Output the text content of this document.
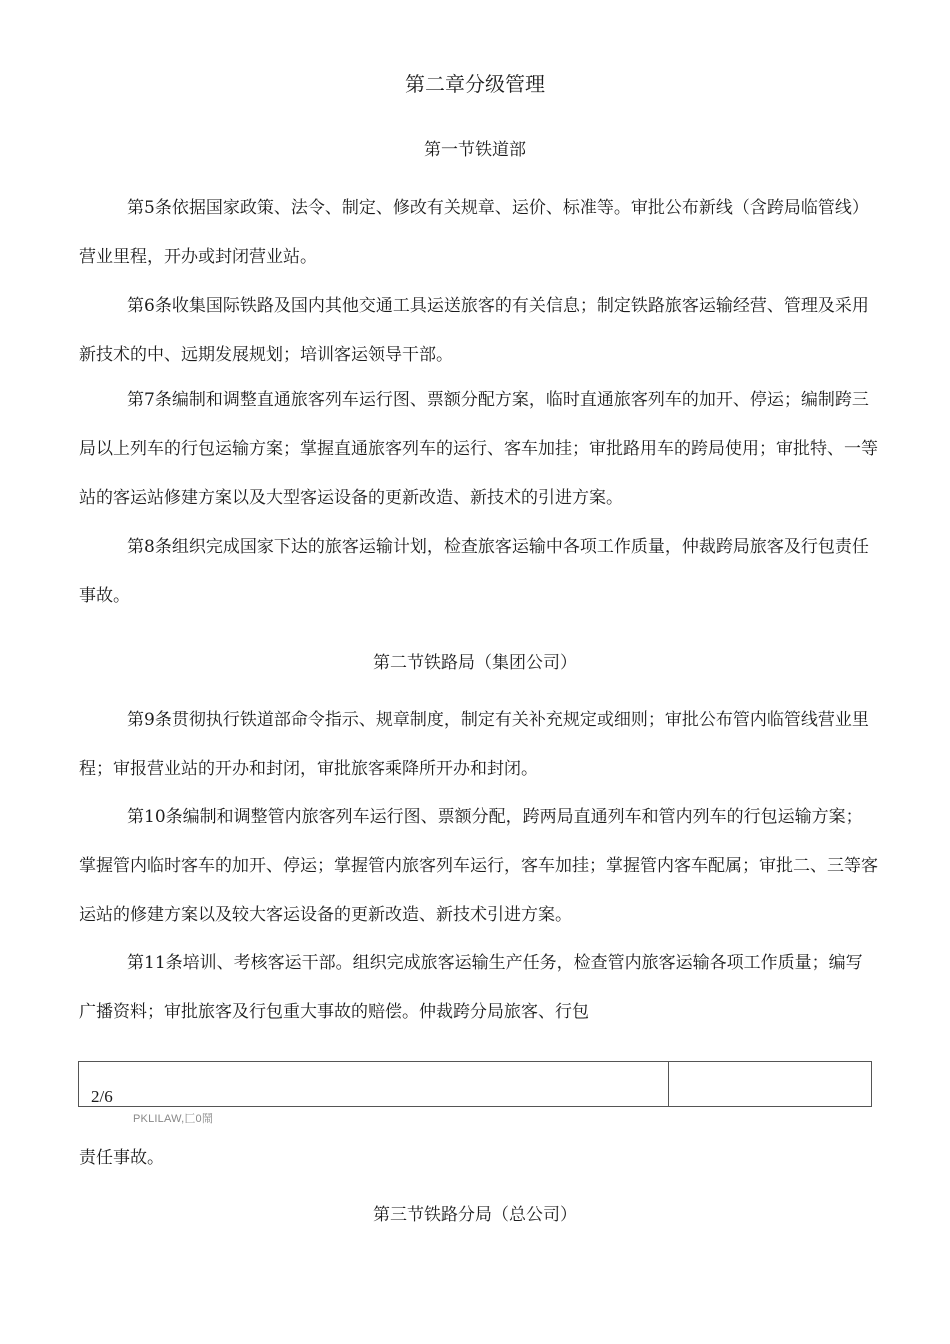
第二章分级管理
第一节铁道部

第5条依据国家政策、法令、制定、修改有关规章、运价、标准等。审批公布新线（含跨局临管线）营业里程，开办或封闭营业站。

第6条收集国际铁路及国内其他交通工具运送旅客的有关信息；制定铁路旅客运输经营、管理及采用新技术的中、远期发展规划；培训客运领导干部。

第7条编制和调整直通旅客列车运行图、票额分配方案，临时直通旅客列车的加开、停运；编制跨三局以上列车的行包运输方案；掌握直通旅客列车的运行、客车加挂；审批路用车的跨局使用；审批特、一等站的客运站修建方案以及大型客运设备的更新改造、新技术的引进方案。

第8条组织完成国家下达的旅客运输计划，检查旅客运输中各项工作质量，仲裁跨局旅客及行包责任事故。

第二节铁路局（集团公司）

第9条贯彻执行铁道部命令指示、规章制度，制定有关补充规定或细则；审批公布管内临管线营业里程；审报营业站的开办和封闭，审批旅客乘降所开办和封闭。

第10条编制和调整管内旅客列车运行图、票额分配，跨两局直通列车和管内列车的行包运输方案；掌握管内临时客车的加开、停运；掌握管内旅客列车运行，客车加挂；掌握管内客车配属；审批二、三等客运站的修建方案以及较大客运设备的更新改造、新技术引进方案。

第11条培训、考核客运干部。组织完成旅客运输生产任务，检查管内旅客运输各项工作质量；编写广播资料；审批旅客及行包重大事故的赔偿。仲裁跨分局旅客、行包

2/6
PKLILAW,匚0鬧
责任事故。
第三节铁路分局（总公司）
